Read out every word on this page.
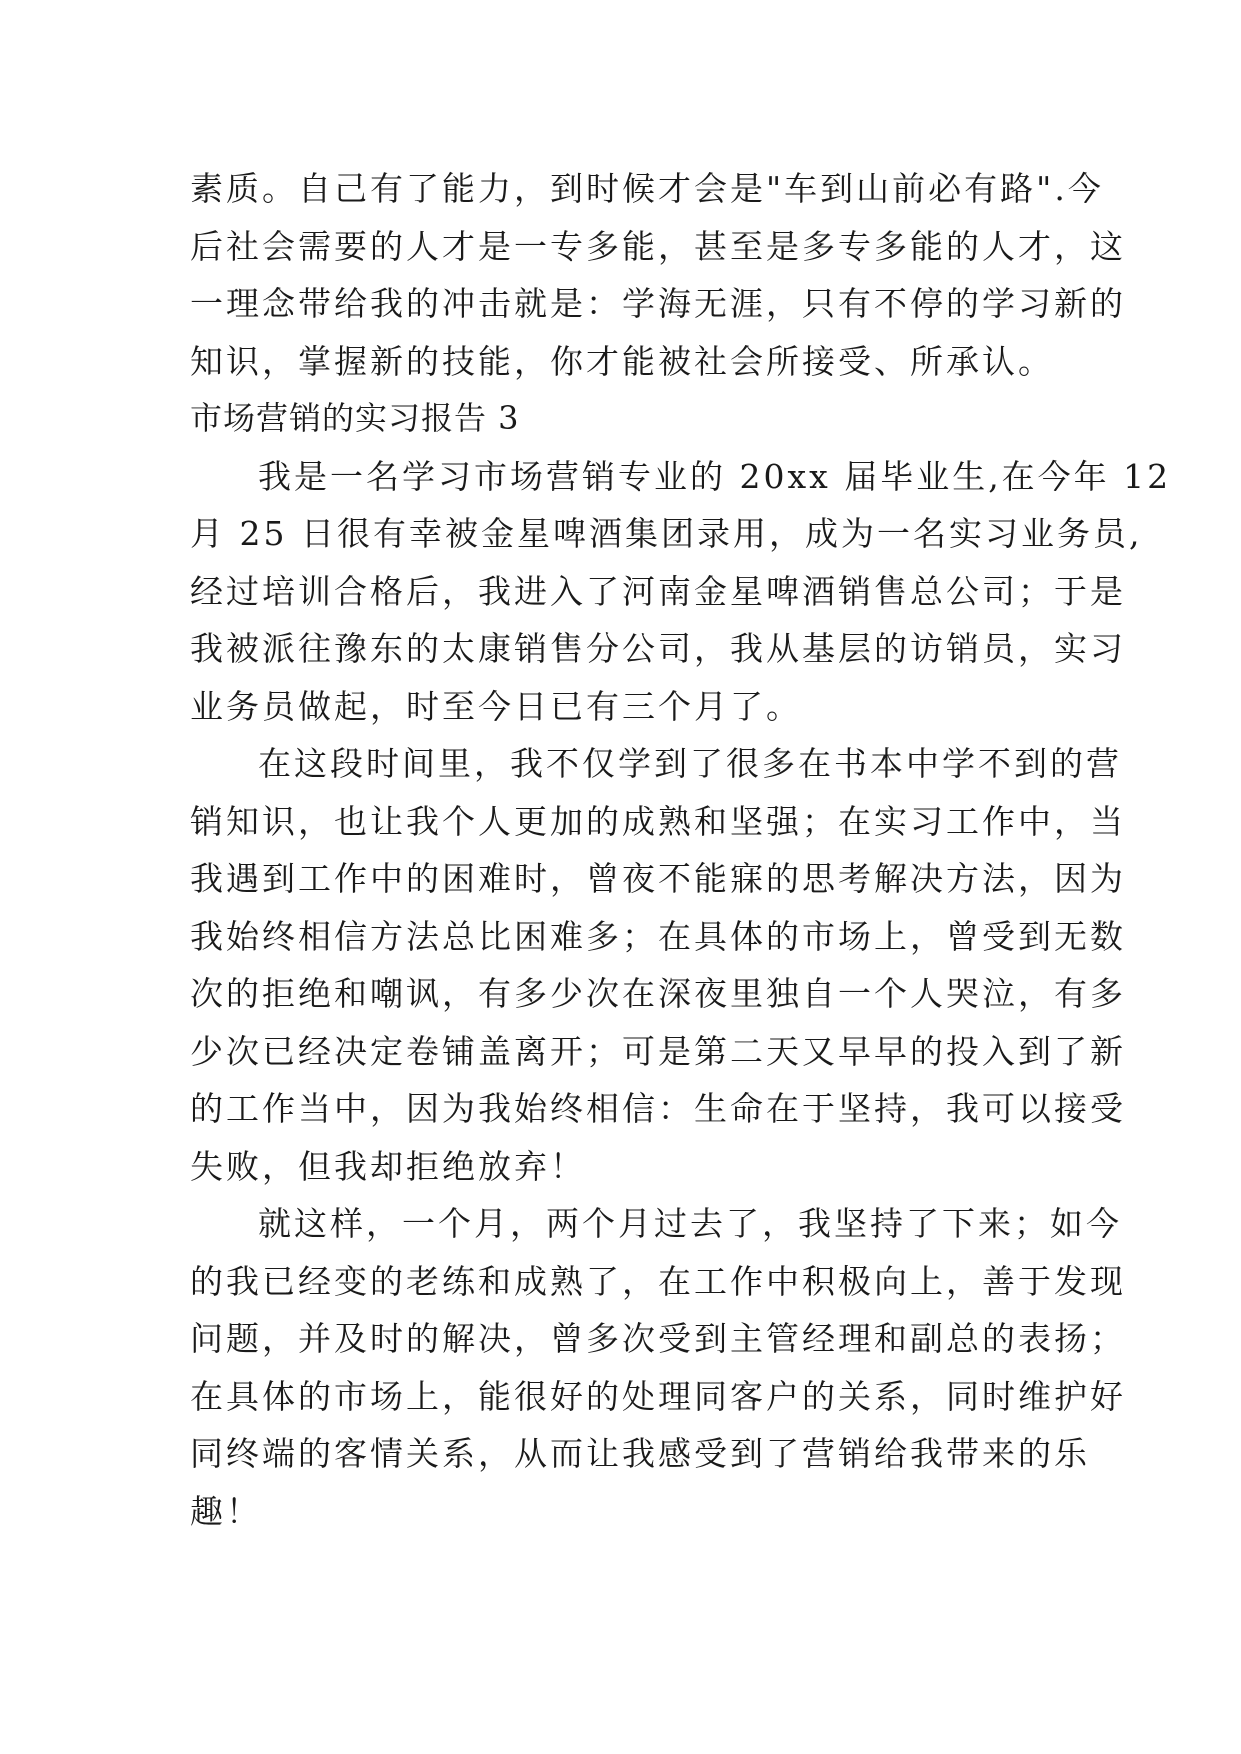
素质。自己有了能力，到时候才会是"车到山前必有路".今
后社会需要的人才是一专多能，甚至是多专多能的人才，这
一理念带给我的冲击就是：学海无涯，只有不停的学习新的
知识，掌握新的技能，你才能被社会所接受、所承认。
市场营销的实习报告 3
我是一名学习市场营销专业的 20xx 届毕业生,在今年 12
月 25 日很有幸被金星啤酒集团录用，成为一名实习业务员,
经过培训合格后，我进入了河南金星啤酒销售总公司；于是
我被派往豫东的太康销售分公司，我从基层的访销员，实习
业务员做起，时至今日已有三个月了。
在这段时间里，我不仅学到了很多在书本中学不到的营
销知识，也让我个人更加的成熟和坚强；在实习工作中，当
我遇到工作中的困难时，曾夜不能寐的思考解决方法，因为
我始终相信方法总比困难多；在具体的市场上，曾受到无数
次的拒绝和嘲讽，有多少次在深夜里独自一个人哭泣，有多
少次已经决定卷铺盖离开；可是第二天又早早的投入到了新
的工作当中，因为我始终相信：生命在于坚持，我可以接受
失败，但我却拒绝放弃！
就这样，一个月，两个月过去了，我坚持了下来；如今
的我已经变的老练和成熟了，在工作中积极向上，善于发现
问题，并及时的解决，曾多次受到主管经理和副总的表扬；
在具体的市场上，能很好的处理同客户的关系，同时维护好
同终端的客情关系，从而让我感受到了营销给我带来的乐
趣！
